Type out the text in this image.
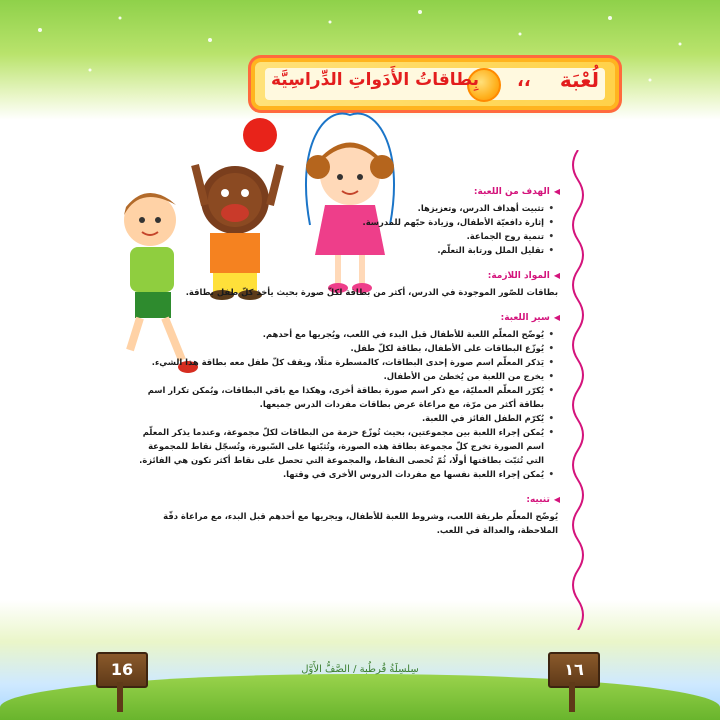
لُعْبَة
،،
بِطاقاتُ الأَدَواتِ الدِّراسِيَّة
◀
الهدف من اللعبة:
• تثبيت أهداف الدرس، وتعزيزها.
• إثارة دافعيّة الأطفال، وزيادة حبّهم للمدرسة.
• تنمية روح الجماعة.
• تقليل الملل ورتابة التعلّم.
◀
المواد اللازمة:
بطاقات للصّور الموجودة في الدرس، أكثر من بطاقة لكلّ صورة بحيث يأخذ كلّ طفل بطاقة.
◀
سير اللعبة:
• يُوضّح المعلّم اللعبة للأطفال قبل البدء في اللعب، ويُجريها مع أحدهم.
• يُوزّع البطاقات على الأطفال، بطاقة لكلّ طفل.
• يَذكر المعلّم اسم صورة إحدى البطاقات، كالمسطرة مثلًا، ويقف كلّ طفل معه بطاقة هذا الشيء.
• يخرج من اللعبة من يُخطئ من الأطفال.
• يُكرّر المعلّم العمليّة، مع ذكر اسم صورة بطاقة أخرى، وهكذا مع باقي البطاقات، ويُمكن تكرار اسم بطاقة أكثر من مرّة، مع مراعاة عرض بطاقات مفردات الدرس جميعها.
• يُكرّم الطفل الفائز في اللعبة.
• يُمكن إجراء اللعبة بين مجموعتين، بحيث تُوزّع حزمة من البطاقات لكلّ مجموعة، وعندما يذكر المعلّم اسم الصورة تخرج كلّ مجموعة بطاقة هذه الصورة، وتُثبّتها على السّبورة، وتُسجّل نقاط للمجموعة التي تُثبّت بطاقتها أولًا، ثُمّ تُحصى النقاط، والمجموعة التي تحصل على نقاط أكثر تكون هي الفائزة.
• يُمكن إجراء اللعبة نفسها مع مفردات الدروس الأخرى في وقتها.
◀
تنبيه:
يُوضّح المعلّم طريقة اللعب، وشروط اللعبة للأطفال، ويجريها مع أحدهم قبل البدء، مع مراعاة دقّة الملاحظة، والعدالة في اللعب.
16	١٦
سِلسِلَةُ قُرطُبة / الصَّفُّ الأَوَّل
